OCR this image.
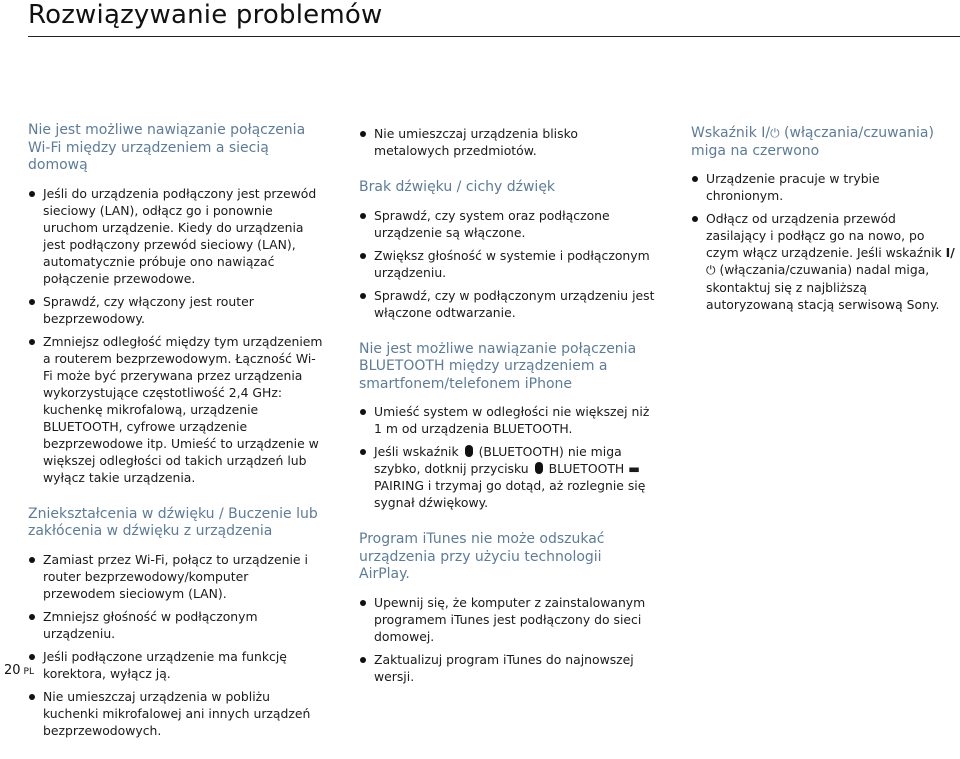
Rozwiązywanie problemów
Nie jest możliwe nawiązanie połączenia Wi-Fi między urządzeniem a siecią domową
Jeśli do urządzenia podłączony jest przewód sieciowy (LAN), odłącz go i ponownie uruchom urządzenie. Kiedy do urządzenia jest podłączony przewód sieciowy (LAN), automatycznie próbuje ono nawiązać połączenie przewodowe.
Sprawdź, czy włączony jest router bezprzewodowy.
Zmniejsz odległość między tym urządzeniem a routerem bezprzewodowym. Łączność Wi-Fi może być przerywana przez urządzenia wykorzystujące częstotliwość 2,4 GHz: kuchenkę mikrofalową, urządzenie BLUETOOTH, cyfrowe urządzenie bezprzewodowe itp. Umieść to urządzenie w większej odległości od takich urządzeń lub wyłącz takie urządzenia.
Zniekształcenia w dźwięku / Buczenie lub zakłócenia w dźwięku z urządzenia
Zamiast przez Wi-Fi, połącz to urządzenie i router bezprzewodowy/komputer przewodem sieciowym (LAN).
Zmniejsz głośność w podłączonym urządzeniu.
Jeśli podłączone urządzenie ma funkcję korektora, wyłącz ją.
Nie umieszczaj urządzenia w pobliżu kuchenki mikrofalowej ani innych urządzeń bezprzewodowych.
Nie umieszczaj urządzenia blisko metalowych przedmiotów.
Brak dźwięku / cichy dźwięk
Sprawdź, czy system oraz podłączone urządzenie są włączone.
Zwiększ głośność w systemie i podłączonym urządzeniu.
Sprawdź, czy w podłączonym urządzeniu jest włączone odtwarzanie.
Nie jest możliwe nawiązanie połączenia BLUETOOTH między urządzeniem a smartfonem/telefonem iPhone
Umieść system w odległości nie większej niż 1 m od urządzenia BLUETOOTH.
Jeśli wskaźnik (BLUETOOTH) nie miga szybko, dotknij przycisku BLUETOOTH ▬ PAIRING i trzymaj go dotąd, aż rozlegnie się sygnał dźwiękowy.
Program iTunes nie może odszukać urządzenia przy użyciu technologii AirPlay.
Upewnij się, że komputer z zainstalowanym programem iTunes jest podłączony do sieci domowej.
Zaktualizuj program iTunes do najnowszej wersji.
Wskaźnik I/⏻ (włączania/czuwania) miga na czerwono
Urządzenie pracuje w trybie chronionym.
Odłącz od urządzenia przewód zasilający i podłącz go na nowo, po czym włącz urządzenie. Jeśli wskaźnik I/⏻ (włączania/czuwania) nadal miga, skontaktuj się z najbliższą autoryzowaną stacją serwisową Sony.
20 PL
